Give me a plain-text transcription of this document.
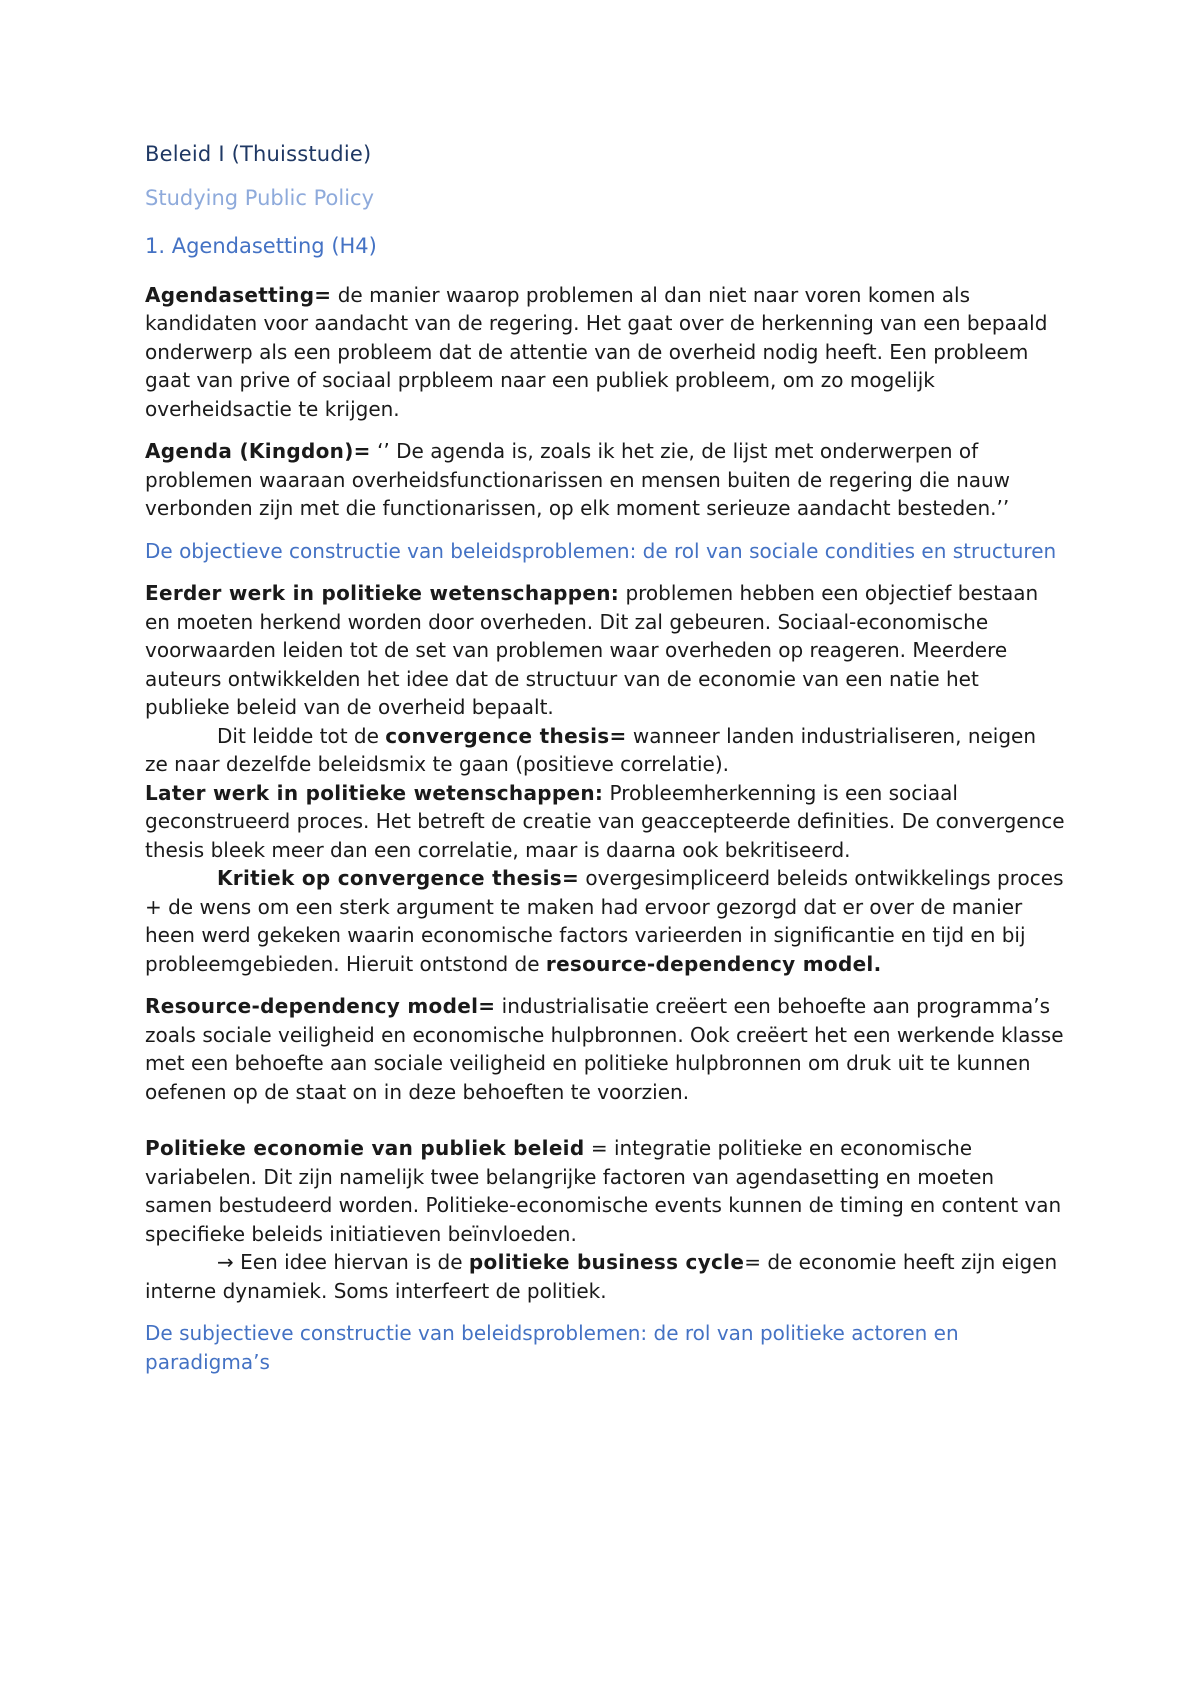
Beleid I (Thuisstudie)
Studying Public Policy
1. Agendasetting (H4)

Agendasetting= de manier waarop problemen al dan niet naar voren komen als kandidaten voor aandacht van de regering. Het gaat over de herkenning van een bepaald onderwerp als een probleem dat de attentie van de overheid nodig heeft. Een probleem gaat van prive of sociaal prpbleem naar een publiek probleem, om zo mogelijk overheidsactie te krijgen.

Agenda (Kingdon)= ‘’ De agenda is, zoals ik het zie, de lijst met onderwerpen of problemen waaraan overheidsfunctionarissen en mensen buiten de regering die nauw verbonden zijn met die functionarissen, op elk moment serieuze aandacht besteden.’’

De objectieve constructie van beleidsproblemen: de rol van sociale condities en structuren

Eerder werk in politieke wetenschappen: problemen hebben een objectief bestaan en moeten herkend worden door overheden. Dit zal gebeuren. Sociaal-economische voorwaarden leiden tot de set van problemen waar overheden op reageren. Meerdere auteurs ontwikkelden het idee dat de structuur van de economie van een natie het publieke beleid van de overheid bepaalt.

Dit leidde tot de convergence thesis= wanneer landen industrialiseren, neigen ze naar dezelfde beleidsmix te gaan (positieve correlatie).

Later werk in politieke wetenschappen: Probleemherkenning is een sociaal geconstrueerd proces. Het betreft de creatie van geaccepteerde definities. De convergence thesis bleek meer dan een correlatie, maar is daarna ook bekritiseerd.

Kritiek op convergence thesis= overgesimpliceerd beleids ontwikkelings proces + de wens om een sterk argument te maken had ervoor gezorgd dat er over de manier heen werd gekeken waarin economische factors varieerden in significantie en tijd en bij probleemgebieden. Hieruit ontstond de resource-dependency model.

Resource-dependency model= industrialisatie creëert een behoefte aan programma’s zoals sociale veiligheid en economische hulpbronnen. Ook creëert het een werkende klasse met een behoefte aan sociale veiligheid en politieke hulpbronnen om druk uit te kunnen oefenen op de staat on in deze behoeften te voorzien.

Politieke economie van publiek beleid = integratie politieke en economische variabelen. Dit zijn namelijk twee belangrijke factoren van agendasetting en moeten samen bestudeerd worden. Politieke-economische events kunnen de timing en content van specifieke beleids initiatieven beïnvloeden.

→ Een idee hiervan is de politieke business cycle= de economie heeft zijn eigen interne dynamiek. Soms interfeert de politiek.

De subjectieve constructie van beleidsproblemen: de rol van politieke actoren en paradigma’s
